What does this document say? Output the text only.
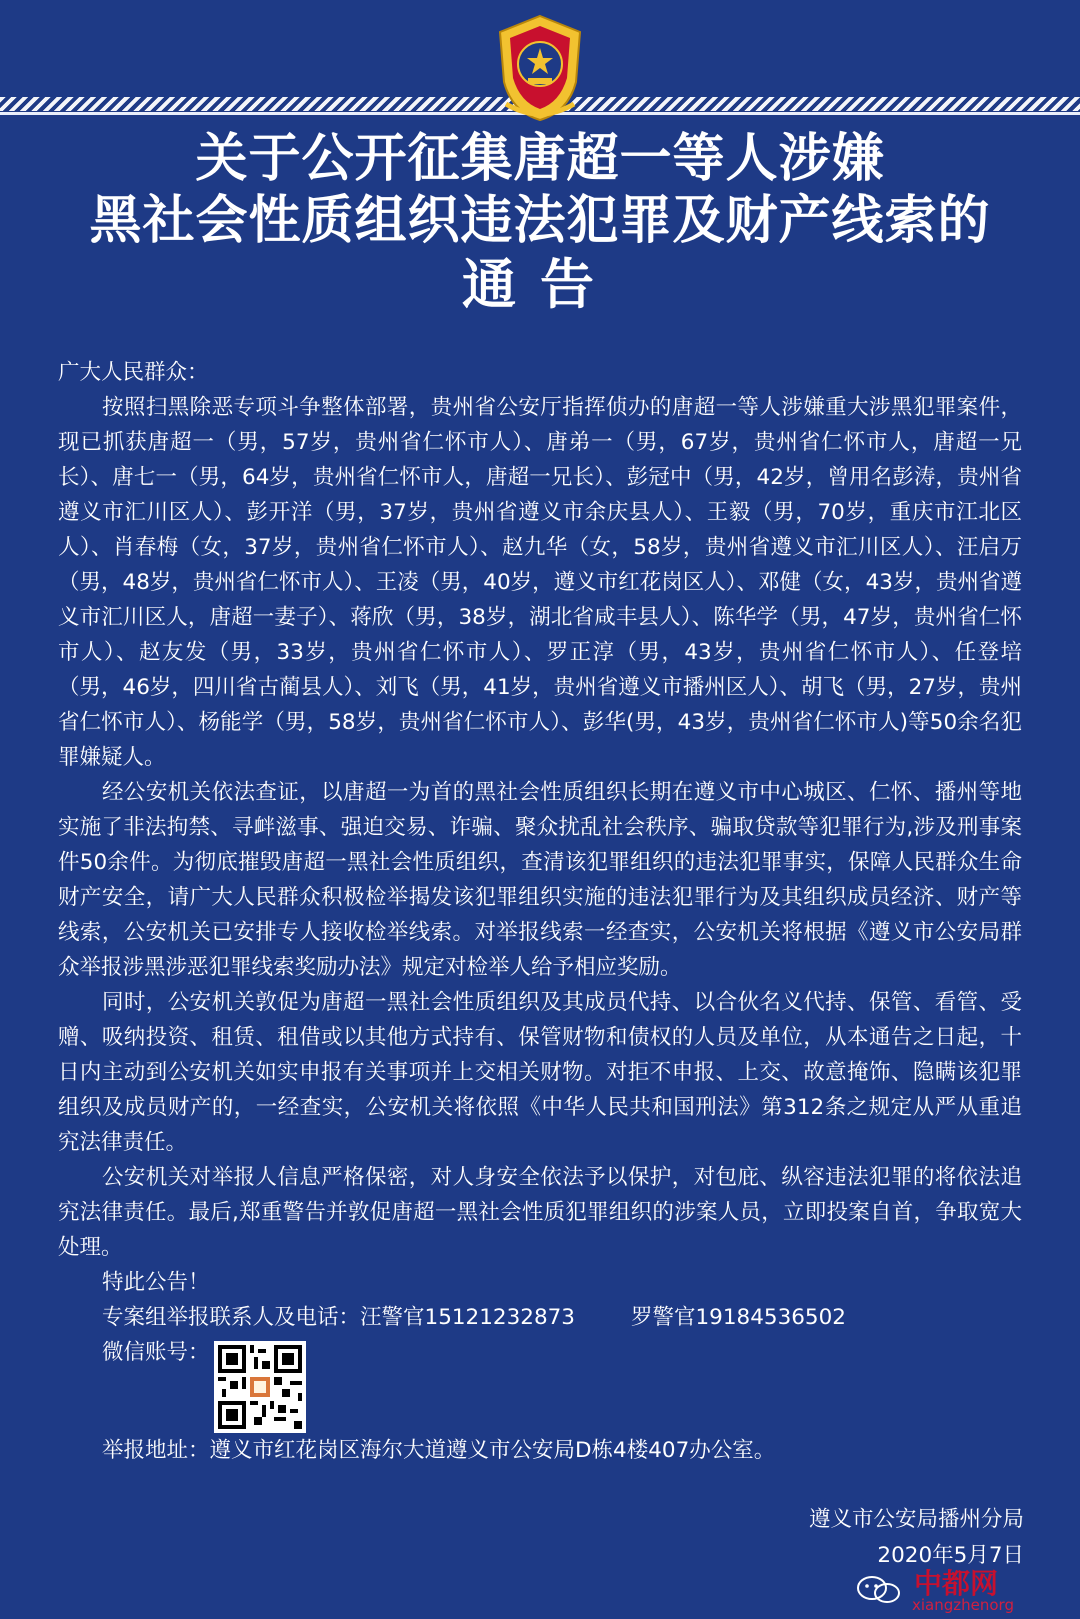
关于公开征集唐超一等人涉嫌
黑社会性质组织违法犯罪及财产线索的
通告

广大人民群众：

按照扫黑除恶专项斗争整体部署，贵州省公安厅指挥侦办的唐超一等人涉嫌重大涉黑犯罪案件，现已抓获唐超一（男，57岁，贵州省仁怀市人）、唐弟一（男，67岁，贵州省仁怀市人，唐超一兄长）、唐七一（男，64岁，贵州省仁怀市人，唐超一兄长）、彭冠中（男，42岁，曾用名彭涛，贵州省遵义市汇川区人）、彭开洋（男，37岁，贵州省遵义市余庆县人）、王毅（男，70岁，重庆市江北区人）、肖春梅（女，37岁，贵州省仁怀市人）、赵九华（女，58岁，贵州省遵义市汇川区人）、汪启万（男，48岁，贵州省仁怀市人）、王凌（男，40岁，遵义市红花岗区人）、邓健（女，43岁，贵州省遵义市汇川区人，唐超一妻子）、蒋欣（男，38岁，湖北省咸丰县人）、陈华学（男，47岁，贵州省仁怀市人）、赵友发（男，33岁，贵州省仁怀市人）、罗正淳（男，43岁，贵州省仁怀市人）、任登培（男，46岁，四川省古蔺县人）、刘飞（男，41岁，贵州省遵义市播州区人）、胡飞（男，27岁，贵州省仁怀市人）、杨能学（男，58岁，贵州省仁怀市人）、彭华(男，43岁，贵州省仁怀市人)等50余名犯罪嫌疑人。

经公安机关依法查证，以唐超一为首的黑社会性质组织长期在遵义市中心城区、仁怀、播州等地实施了非法拘禁、寻衅滋事、强迫交易、诈骗、聚众扰乱社会秩序、骗取贷款等犯罪行为,涉及刑事案件50余件。为彻底摧毁唐超一黑社会性质组织，查清该犯罪组织的违法犯罪事实，保障人民群众生命财产安全，请广大人民群众积极检举揭发该犯罪组织实施的违法犯罪行为及其组织成员经济、财产等线索，公安机关已安排专人接收检举线索。对举报线索一经查实，公安机关将根据《遵义市公安局群众举报涉黑涉恶犯罪线索奖励办法》规定对检举人给予相应奖励。

同时，公安机关敦促为唐超一黑社会性质组织及其成员代持、以合伙名义代持、保管、看管、受赠、吸纳投资、租赁、租借或以其他方式持有、保管财物和债权的人员及单位，从本通告之日起，十日内主动到公安机关如实申报有关事项并上交相关财物。对拒不申报、上交、故意掩饰、隐瞒该犯罪组织及成员财产的，一经查实，公安机关将依照《中华人民共和国刑法》第312条之规定从严从重追究法律责任。

公安机关对举报人信息严格保密，对人身安全依法予以保护，对包庇、纵容违法犯罪的将依法追究法律责任。最后,郑重警告并敦促唐超一黑社会性质犯罪组织的涉案人员，立即投案自首，争取宽大处理。

特此公告！

专案组举报联系人及电话：汪警官15121232873	罗警官19184536502

微信账号：

举报地址：遵义市红花岗区海尔大道遵义市公安局D栋4楼407办公室。

遵义市公安局播州分局
2020年5月7日
中都网
xiangzhenorg
